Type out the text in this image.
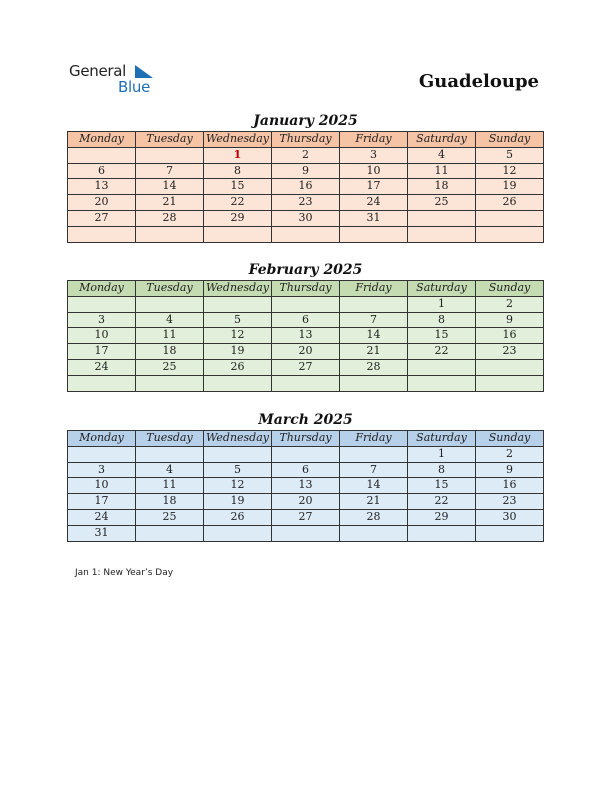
General
Blue	Guadeloupe
January 2025
Monday	Tuesday	Wednesday	Thursday	Friday	Saturday	Sunday
		1	2	3	4	5
6	7	8	9	10	11	12
13	14	15	16	17	18	19
20	21	22	23	24	25	26
27	28	29	30	31		

February 2025
Monday	Tuesday	Wednesday	Thursday	Friday	Saturday	Sunday
					1	2
3	4	5	6	7	8	9
10	11	12	13	14	15	16
17	18	19	20	21	22	23
24	25	26	27	28		

March 2025
Monday	Tuesday	Wednesday	Thursday	Friday	Saturday	Sunday
					1	2
3	4	5	6	7	8	9
10	11	12	13	14	15	16
17	18	19	20	21	22	23
24	25	26	27	28	29	30
31						
Jan 1: New Year’s Day
